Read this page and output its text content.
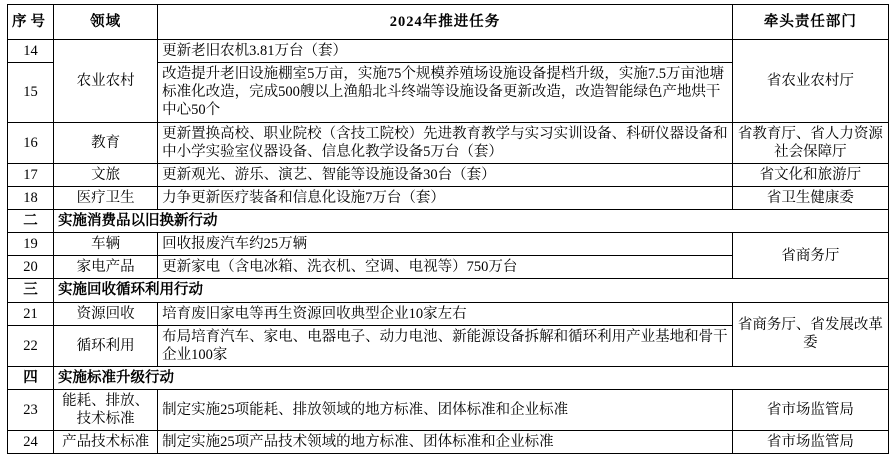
序号	领域	2024年推进任务	牵头责任部门
14	农业农村	更新老旧农机3.81万台（套）	省农业农村厅
15		改造提升老旧设施棚室5万亩，实施75个规模养殖场设施设备提档升级，实施7.5万亩池塘标准化改造，完成500艘以上渔船北斗终端等设施设备更新改造，改造智能绿色产地烘干中心50个	
16	教育	更新置换高校、职业院校（含技工院校）先进教育教学与实习实训设备、科研仪器设备和中小学实验室仪器设备、信息化教学设备5万台（套）	省教育厅、省人力资源社会保障厅
17	文旅	更新观光、游乐、演艺、智能等设施设备30台（套）	省文化和旅游厅
18	医疗卫生	力争更新医疗装备和信息化设施7万台（套）	省卫生健康委
二	实施消费品以旧换新行动		
19	车辆	回收报废汽车约25万辆	省商务厅
20	家电产品	更新家电（含电冰箱、洗衣机、空调、电视等）750万台	
三	实施回收循环利用行动		
21	资源回收	培育废旧家电等再生资源回收典型企业10家左右	省商务厅、省发展改革委
22	循环利用	布局培育汽车、家电、电器电子、动力电池、新能源设备拆解和循环利用产业基地和骨干企业100家	
四	实施标准升级行动		
23	能耗、排放、技术标准	制定实施25项能耗、排放领域的地方标准、团体标准和企业标准	省市场监管局
24	产品技术标准	制定实施25项产品技术领域的地方标准、团体标准和企业标准	省市场监管局
